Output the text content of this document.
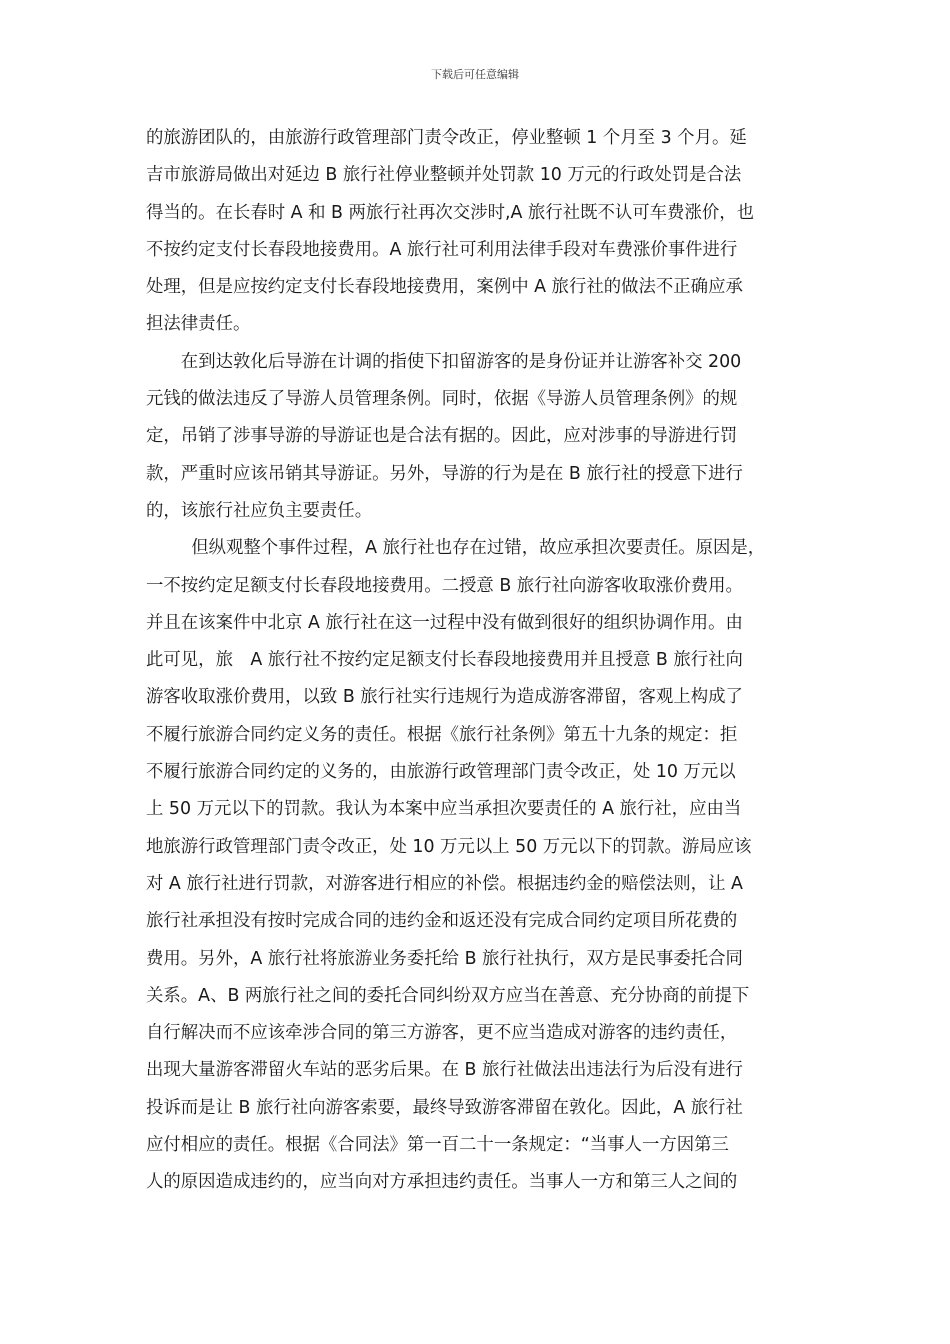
下载后可任意编辑
的旅游团队的，由旅游行政管理部门责令改正，停业整顿 1 个月至 3 个月。延
吉市旅游局做出对延边 B 旅行社停业整顿并处罚款 10 万元的行政处罚是合法
得当的。在长春时 A 和 B 两旅行社再次交涉时,A 旅行社既不认可车费涨价，也
不按约定支付长春段地接费用。A 旅行社可利用法律手段对车费涨价事件进行
处理，但是应按约定支付长春段地接费用，案例中 A 旅行社的做法不正确应承
担法律责任。
在到达敦化后导游在计调的指使下扣留游客的是身份证并让游客补交 200
元钱的做法违反了导游人员管理条例。同时，依据《导游人员管理条例》的规
定，吊销了涉事导游的导游证也是合法有据的。因此，应对涉事的导游进行罚
款，严重时应该吊销其导游证。另外，导游的行为是在 B 旅行社的授意下进行
的，该旅行社应负主要责任。
但纵观整个事件过程，A 旅行社也存在过错，故应承担次要责任。原因是，
一不按约定足额支付长春段地接费用。二授意 B 旅行社向游客收取涨价费用。
并且在该案件中北京 A 旅行社在这一过程中没有做到很好的组织协调作用。由
此可见，旅　A 旅行社不按约定足额支付长春段地接费用并且授意 B 旅行社向
游客收取涨价费用，以致 B 旅行社实行违规行为造成游客滞留，客观上构成了
不履行旅游合同约定义务的责任。根据《旅行社条例》第五十九条的规定：拒
不履行旅游合同约定的义务的，由旅游行政管理部门责令改正，处 10 万元以
上 50 万元以下的罚款。我认为本案中应当承担次要责任的 A 旅行社，应由当
地旅游行政管理部门责令改正，处 10 万元以上 50 万元以下的罚款。游局应该
对 A 旅行社进行罚款，对游客进行相应的补偿。根据违约金的赔偿法则，让 A
旅行社承担没有按时完成合同的违约金和返还没有完成合同约定项目所花费的
费用。另外，A 旅行社将旅游业务委托给 B 旅行社执行，双方是民事委托合同
关系。A、B 两旅行社之间的委托合同纠纷双方应当在善意、充分协商的前提下
自行解决而不应该牵涉合同的第三方游客，更不应当造成对游客的违约责任，
出现大量游客滞留火车站的恶劣后果。在 B 旅行社做法出违法行为后没有进行
投诉而是让 B 旅行社向游客索要，最终导致游客滞留在敦化。因此，A 旅行社
应付相应的责任。根据《合同法》第一百二十一条规定：“当事人一方因第三
人的原因造成违约的，应当向对方承担违约责任。当事人一方和第三人之间的
